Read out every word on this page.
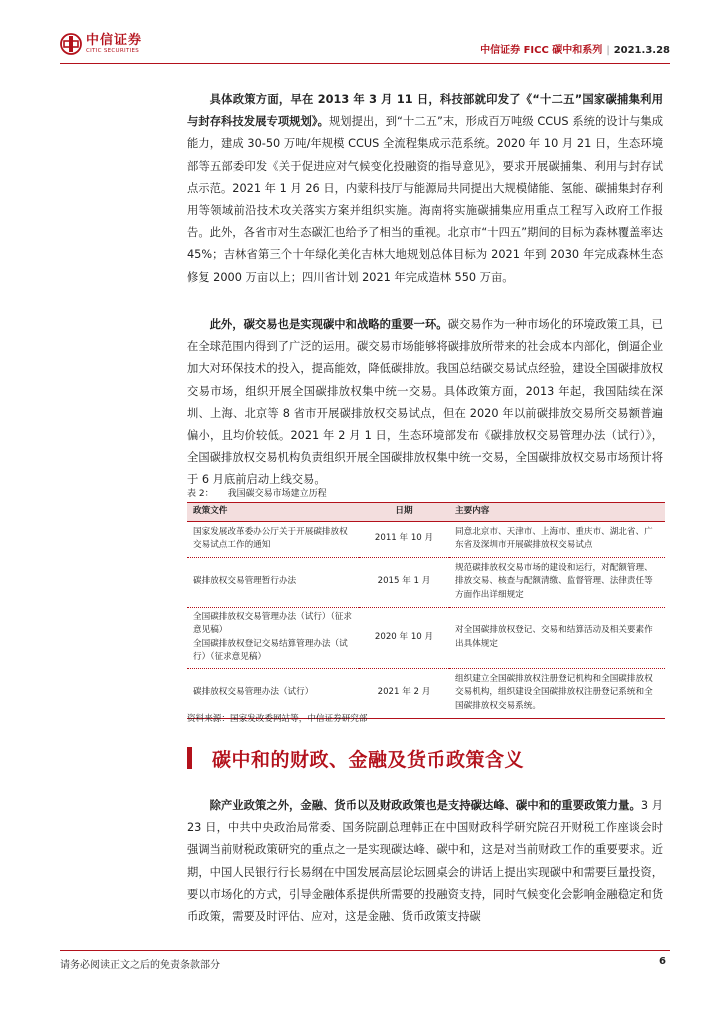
中信证券
CITIC SECURITIES	中信证券 FICC 碳中和系列 | 2021.3.28

具体政策方面，早在 2013 年 3 月 11 日，科技部就印发了《“十二五”国家碳捕集利用与封存科技发展专项规划》。规划提出，到“十二五”末，形成百万吨级 CCUS 系统的设计与集成能力，建成 30-50 万吨/年规模 CCUS 全流程集成示范系统。2020 年 10 月 21 日，生态环境部等五部委印发《关于促进应对气候变化投融资的指导意见》，要求开展碳捕集、利用与封存试点示范。2021 年 1 月 26 日，内蒙科技厅与能源局共同提出大规模储能、氢能、碳捕集封存利用等领域前沿技术攻关落实方案并组织实施。海南将实施碳捕集应用重点工程写入政府工作报告。此外，各省市对生态碳汇也给予了相当的重视。北京市“十四五”期间的目标为森林覆盖率达 45%；吉林省第三个十年绿化美化吉林大地规划总体目标为 2021 年到 2030 年完成森林生态修复 2000 万亩以上；四川省计划 2021 年完成造林 550 万亩。

此外，碳交易也是实现碳中和战略的重要一环。碳交易作为一种市场化的环境政策工具，已在全球范围内得到了广泛的运用。碳交易市场能够将碳排放所带来的社会成本内部化，倒逼企业加大对环保技术的投入，提高能效，降低碳排放。我国总结碳交易试点经验，建设全国碳排放权交易市场，组织开展全国碳排放权集中统一交易。具体政策方面，2013 年起，我国陆续在深圳、上海、北京等 8 省市开展碳排放权交易试点，但在 2020 年以前碳排放交易所交易额普遍偏小，且均价较低。2021 年 2 月 1 日，生态环境部发布《碳排放权交易管理办法（试行）》，全国碳排放权交易机构负责组织开展全国碳排放权集中统一交易，全国碳排放权交易市场预计将于 6 月底前启动上线交易。

表 2： 我国碳交易市场建立历程
政策文件	日期	主要内容
国家发展改革委办公厅关于开展碳排放权交易试点工作的通知	2011 年 10 月	同意北京市、天津市、上海市、重庆市、湖北省、广东省及深圳市开展碳排放权交易试点
碳排放权交易管理暂行办法	2015 年 1 月	规范碳排放权交易市场的建设和运行，对配额管理、排放交易、核查与配额清缴、监督管理、法律责任等方面作出详细规定
全国碳排放权交易管理办法（试行）（征求意见稿）
全国碳排放权登记交易结算管理办法（试行）（征求意见稿）	2020 年 10 月	对全国碳排放权登记、交易和结算活动及相关要素作出具体规定
碳排放权交易管理办法（试行）	2021 年 2 月	组织建立全国碳排放权注册登记机构和全国碳排放权交易机构，组织建设全国碳排放权注册登记系统和全国碳排放权交易系统。
资料来源：国家发改委网站等，中信证券研究部
碳中和的财政、金融及货币政策含义

除产业政策之外，金融、货币以及财政政策也是支持碳达峰、碳中和的重要政策力量。3 月 23 日，中共中央政治局常委、国务院副总理韩正在中国财政科学研究院召开财税工作座谈会时强调当前财税政策研究的重点之一是实现碳达峰、碳中和，这是对当前财政工作的重要要求。近期，中国人民银行行长易纲在中国发展高层论坛圆桌会的讲话上提出实现碳中和需要巨量投资，要以市场化的方式，引导金融体系提供所需要的投融资支持，同时气候变化会影响金融稳定和货币政策，需要及时评估、应对，这是金融、货币政策支持碳

请务必阅读正文之后的免责条款部分	6
